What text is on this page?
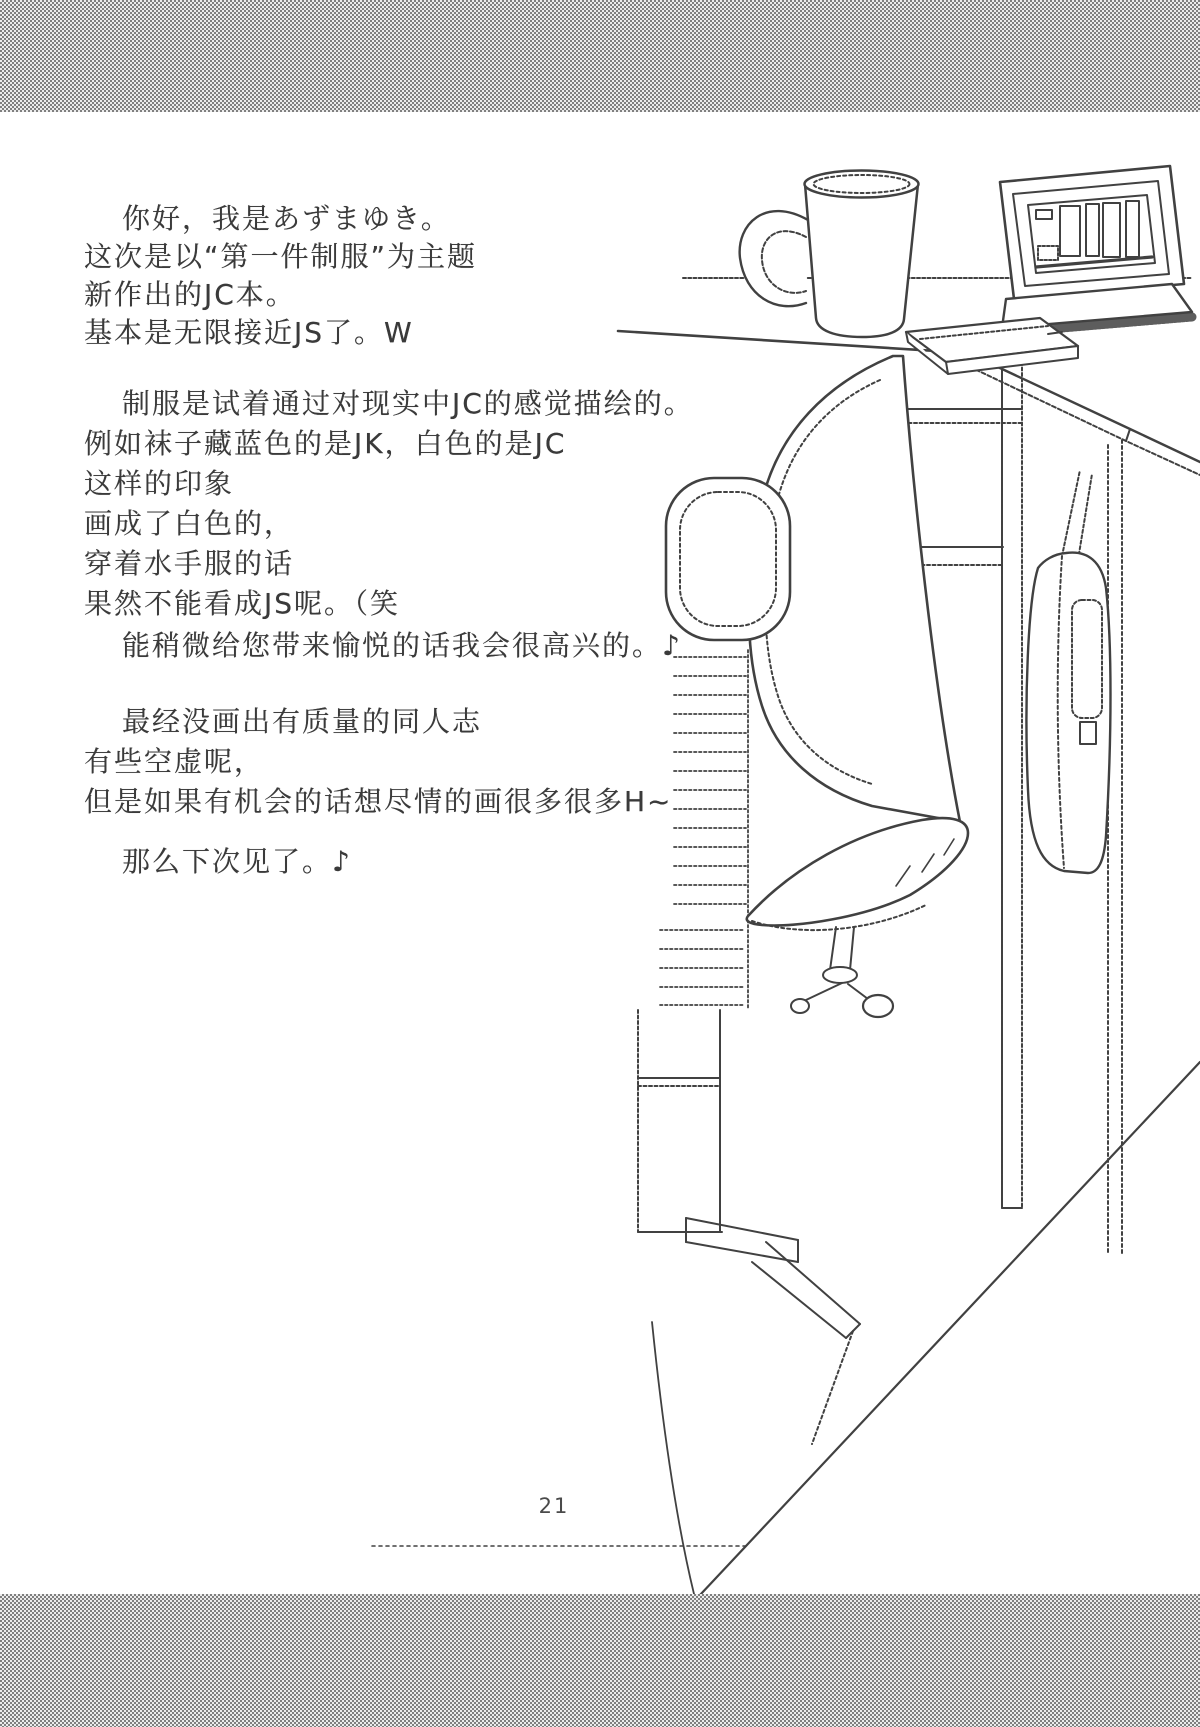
你好，我是あずまゆき。
这次是以“第一件制服”为主题
新作出的JC本。
基本是无限接近JS了。W
制服是试着通过对现实中JC的感觉描绘的。
例如袜子藏蓝色的是JK，白色的是JC
这样的印象
画成了白色的，
穿着水手服的话
果然不能看成JS呢。（笑
能稍微给您带来愉悦的话我会很高兴的。♪
最经没画出有质量的同人志
有些空虚呢，
但是如果有机会的话想尽情的画很多很多H~
那么下次见了。♪
21
